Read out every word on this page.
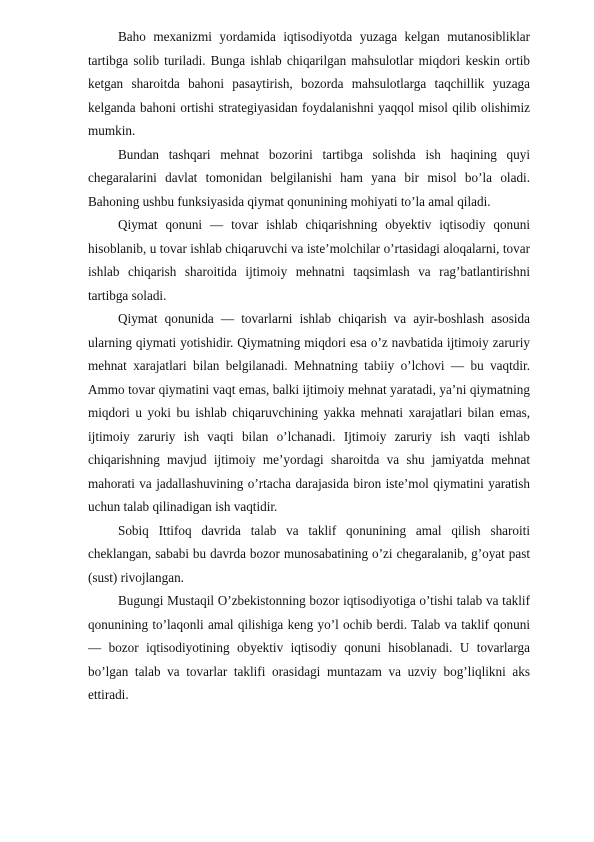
Baho mexanizmi yordamida iqtisodiyotda yuzaga kelgan mutanosibliklar tartibga solib turiladi. Bunga ishlab chiqarilgan mahsulotlar miqdori keskin ortib ketgan sharoitda bahoni pasaytirish, bozorda mahsulotlarga taqchillik yuzaga kelganda bahoni ortishi strategiyasidan foydalanishni yaqqol misol qilib olishimiz mumkin.

Bundan tashqari mehnat bozorini tartibga solishda ish haqining quyi chegaralarini davlat tomonidan belgilanishi ham yana bir misol bo’la oladi. Bahoning ushbu funksiyasida qiymat qonunining mohiyati to’la amal qiladi.

Qiymat qonuni — tovar ishlab chiqarishning obyektiv iqtisodiy qonuni hisoblanib, u tovar ishlab chiqaruvchi va iste’molchilar o’rtasidagi aloqalarni, tovar ishlab chiqarish sharoitida ijtimoiy mehnatni taqsimlash va rag’batlantirishni tartibga soladi.

Qiymat qonunida — tovarlarni ishlab chiqarish va ayir-boshlash asosida ularning qiymati yotishidir. Qiymatning miqdori esa o’z navbatida ijtimoiy zaruriy mehnat xarajatlari bilan belgilanadi. Mehnatning tabiiy o’lchovi — bu vaqtdir. Ammo tovar qiymatini vaqt emas, balki ijtimoiy mehnat yaratadi, ya’ni qiymatning miqdori u yoki bu ishlab chiqaruvchining yakka mehnati xarajatlari bilan emas, ijtimoiy zaruriy ish vaqti bilan o’lchanadi. Ijtimoiy zaruriy ish vaqti ishlab chiqarishning mavjud ijtimoiy me’yordagi sharoitda va shu jamiyatda mehnat mahorati va jadallashuvining o’rtacha darajasida biron iste’mol qiymatini yaratish uchun talab qilinadigan ish vaqtidir.

Sobiq Ittifoq davrida talab va taklif qonunining amal qilish sharoiti cheklangan, sababi bu davrda bozor munosabatining o’zi chegaralanib, g’oyat past (sust) rivojlangan.

Bugungi Mustaqil O’zbekistonning bozor iqtisodiyotiga o’tishi talab va taklif qonunining to’laqonli amal qilishiga keng yo’l ochib berdi. Talab va taklif qonuni — bozor iqtisodiyotining obyektiv iqtisodiy qonuni hisoblanadi. U tovarlarga bo’lgan talab va tovarlar taklifi orasidagi muntazam va uzviy bog’liqlikni aks ettiradi.
